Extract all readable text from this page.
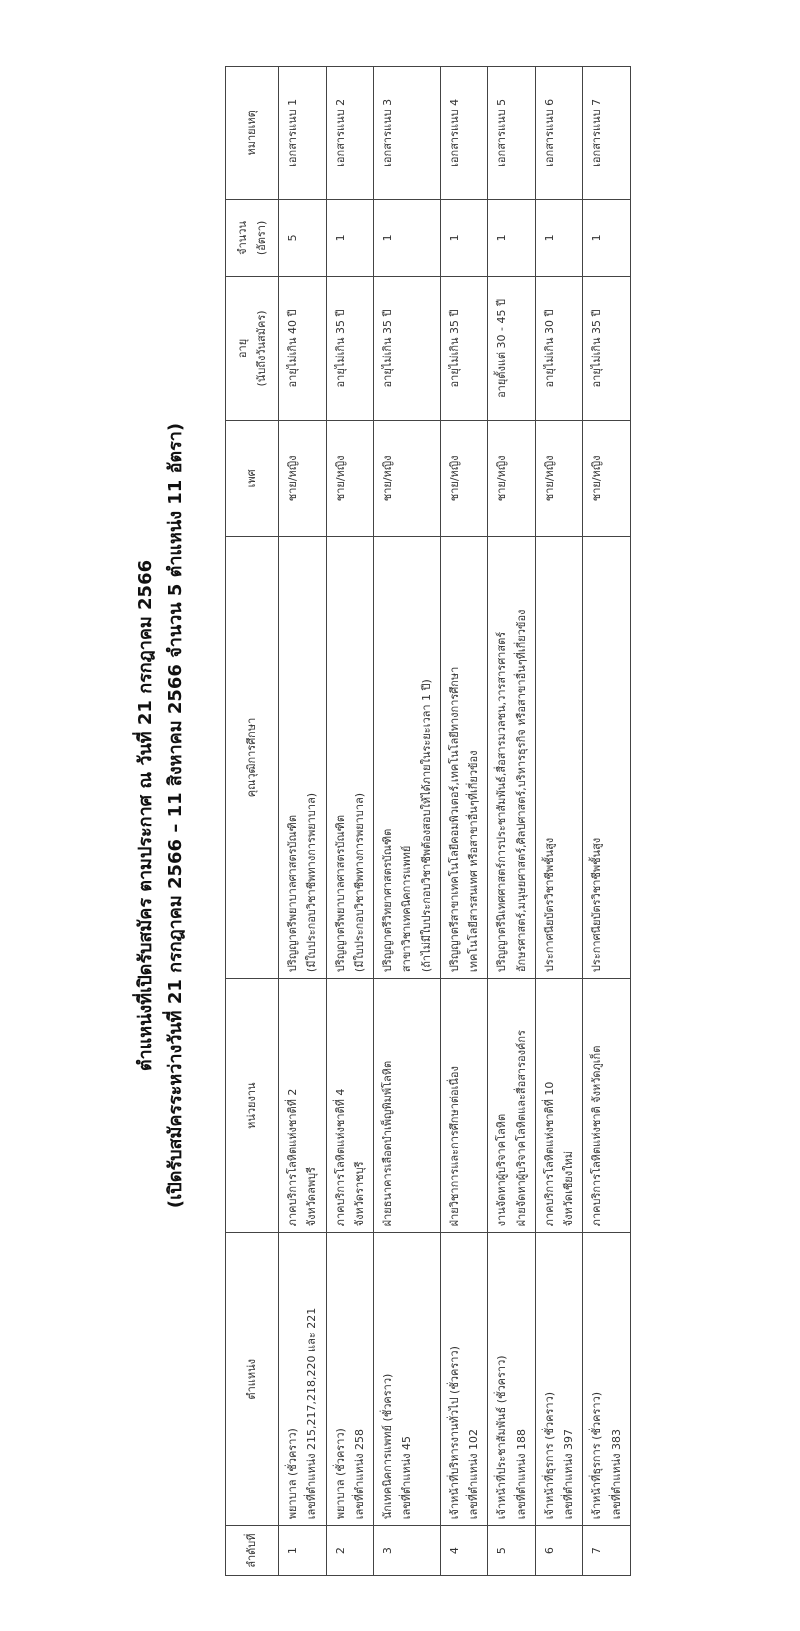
ตำแหน่งที่เปิดรับสมัคร ตามประกาศ ณ วันที่ 21 กรกฎาคม 2566 (เปิดรับสมัครระหว่างวันที่ 21 กรกฎาคม 2566 – 11 สิงหาคม 2566 จำนวน 5 ตำแหน่ง 11 อัตรา)
ลำดับที่	ตำแหน่ง	หน่วยงาน	คุณวุฒิการศึกษา	เพศ	อายุ (นับถึงวันสมัคร)	จำนวน (อัตรา)	หมายเหตุ
1	พยาบาล (ชั่วคราว) เลขที่ตำแหน่ง 215,217,218,220 และ 221	ภาคบริการโลหิตแห่งชาติที่ 2 จังหวัดลพบุรี	ปริญญาตรีพยาบาลศาสตรบัณฑิต (มีใบประกอบวิชาชีพทางการพยาบาล)	ชาย/หญิง	อายุไม่เกิน 40 ปี	5	เอกสารแนบ 1
2	พยาบาล (ชั่วคราว) เลขที่ตำแหน่ง 258	ภาคบริการโลหิตแห่งชาติที่ 4 จังหวัดราชบุรี	ปริญญาตรีพยาบาลศาสตรบัณฑิต (มีใบประกอบวิชาชีพทางการพยาบาล)	ชาย/หญิง	อายุไม่เกิน 35 ปี	1	เอกสารแนบ 2
3	นักเทคนิคการแพทย์ (ชั่วคราว) เลขที่ตำแหน่ง 45	ฝ่ายธนาคารเลือดบำเพ็ญพิมพ์โลหิต	ปริญญาตรีวิทยาศาสตรบัณฑิต สาขาวิชาเทคนิคการแพทย์ (ถ้าไม่มีใบประกอบวิชาชีพต้องสอบให้ได้ภายในระยะเวลา 1 ปี)	ชาย/หญิง	อายุไม่เกิน 35 ปี	1	เอกสารแนบ 3
4	เจ้าหน้าที่บริหารงานทั่วไป (ชั่วคราว) เลขที่ตำแหน่ง 102	ฝ่ายวิชาการและการศึกษาต่อเนื่อง	ปริญญาตรีสาขาเทคโนโลยีคอมพิวเตอร์,เทคโนโลยีทางการศึกษา เทคโนโลยีสารสนเทศ หรือสาขาอื่นๆที่เกี่ยวข้อง	ชาย/หญิง	อายุไม่เกิน 35 ปี	1	เอกสารแนบ 4
5	เจ้าหน้าที่ประชาสัมพันธ์ (ชั่วคราว) เลขที่ตำแหน่ง 188	งานจัดหาผู้บริจาคโลหิต ฝ่ายจัดหาผู้บริจาคโลหิตและสื่อสารองค์กร	ปริญญาตรีนิเทศศาสตร์การประชาสัมพันธ์,สื่อสารมวลชน,วารสารศาสตร์ อักษรศาสตร์,มนุษยศาสตร์,ศิลปศาสตร์,บริหารธุรกิจ หรือสาขาอื่นๆที่เกี่ยวข้อง	ชาย/หญิง	อายุตั้งแต่ 30 - 45 ปี	1	เอกสารแนบ 5
6	เจ้าหน้าที่ธุรการ (ชั่วคราว) เลขที่ตำแหน่ง 397	ภาคบริการโลหิตแห่งชาติที่ 10 จังหวัดเชียงใหม่	ประกาศนียบัตรวิชาชีพชั้นสูง	ชาย/หญิง	อายุไม่เกิน 30 ปี	1	เอกสารแนบ 6
7	เจ้าหน้าที่ธุรการ (ชั่วคราว) เลขที่ตำแหน่ง 383	ภาคบริการโลหิตแห่งชาติ จังหวัดภูเก็ต	ประกาศนียบัตรวิชาชีพชั้นสูง	ชาย/หญิง	อายุไม่เกิน 35 ปี	1	เอกสารแนบ 7
